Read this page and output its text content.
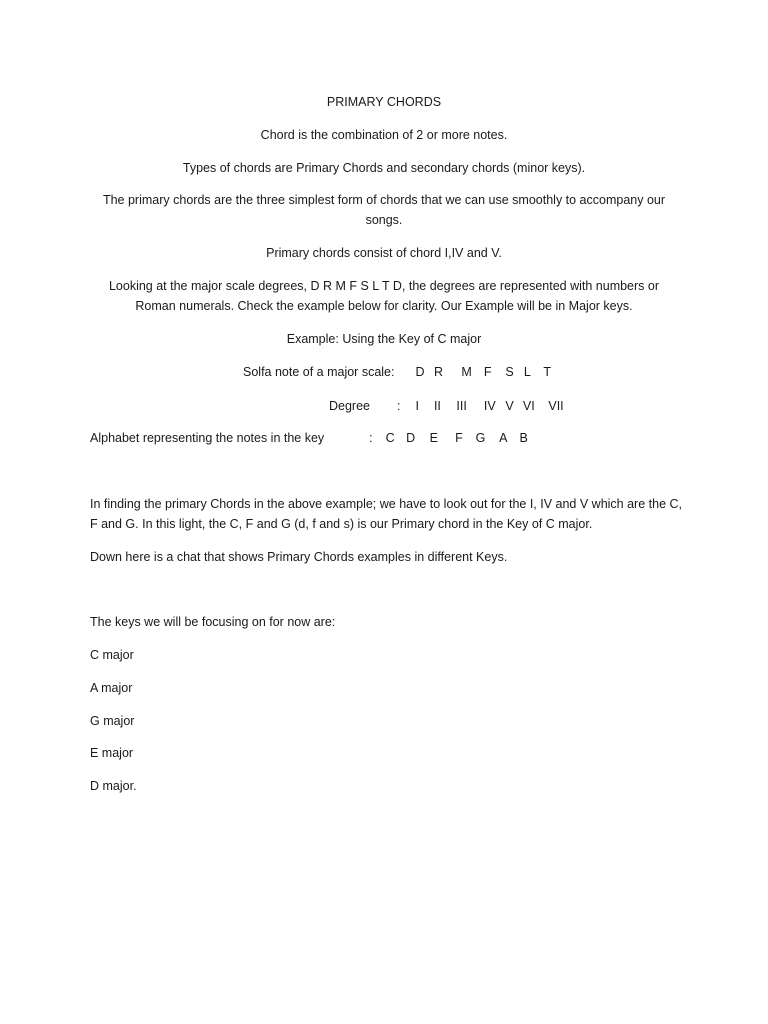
PRIMARY CHORDS

Chord is the combination of 2 or more notes.

Types of chords are Primary Chords and secondary chords (minor keys).

The primary chords are the three simplest form of chords that we can use smoothly to accompany our songs.

Primary chords consist of chord I,IV and V.

Looking at the major scale degrees, D R M F S L T D, the degrees are represented with numbers or Roman numerals. Check the example below for clarity. Our Example will be in Major keys.

Example: Using the Key of C major

Solfa note of a major scale: D R M F S L T
Degree : I II III IV V VI VII
Alphabet representing the notes in the key	: C D E F G A B

In finding the primary Chords in the above example; we have to look out for the I, IV and V which are the C, F and G. In this light, the C, F and G (d, f and s) is our Primary chord in the Key of C major.

Down here is a chat that shows Primary Chords examples in different Keys.

The keys we will be focusing on for now are:

C major

A major

G major

E major

D major.
